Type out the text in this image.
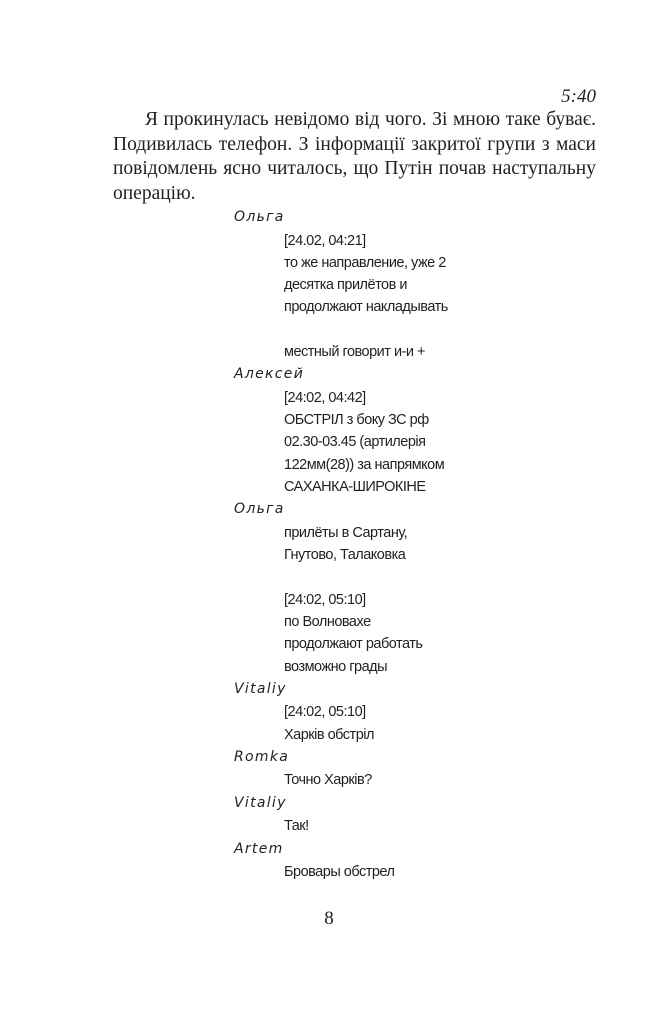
5:40
Я прокинулась невідомо від чого. Зі мною таке буває.
Подивилась телефон. З інформації закритої групи з маси
повідомлень ясно читалось, що Путін почав наступальну
операцію.
Ольга
[24.02, 04:21]
то же направление, уже 2
десятка прилётов и
продолжают накладывать
местный говорит и-и +
Алексей
[24:02, 04:42]
ОБСТРІЛ з боку ЗС рф
02.30-03.45 (артилерія
122мм(28)) за напрямком
САХАНКА-ШИРОКІНЕ
Ольга
прилёты в Сартану,
Гнутово, Талаковка
[24:02, 05:10]
по Волновахе
продолжают работать
возможно грады
Vitaliy
[24:02, 05:10]
Харків обстріл
Romka
Точно Харків?
Vitaliy
Так!
Artem
Бровары обстрел
8
